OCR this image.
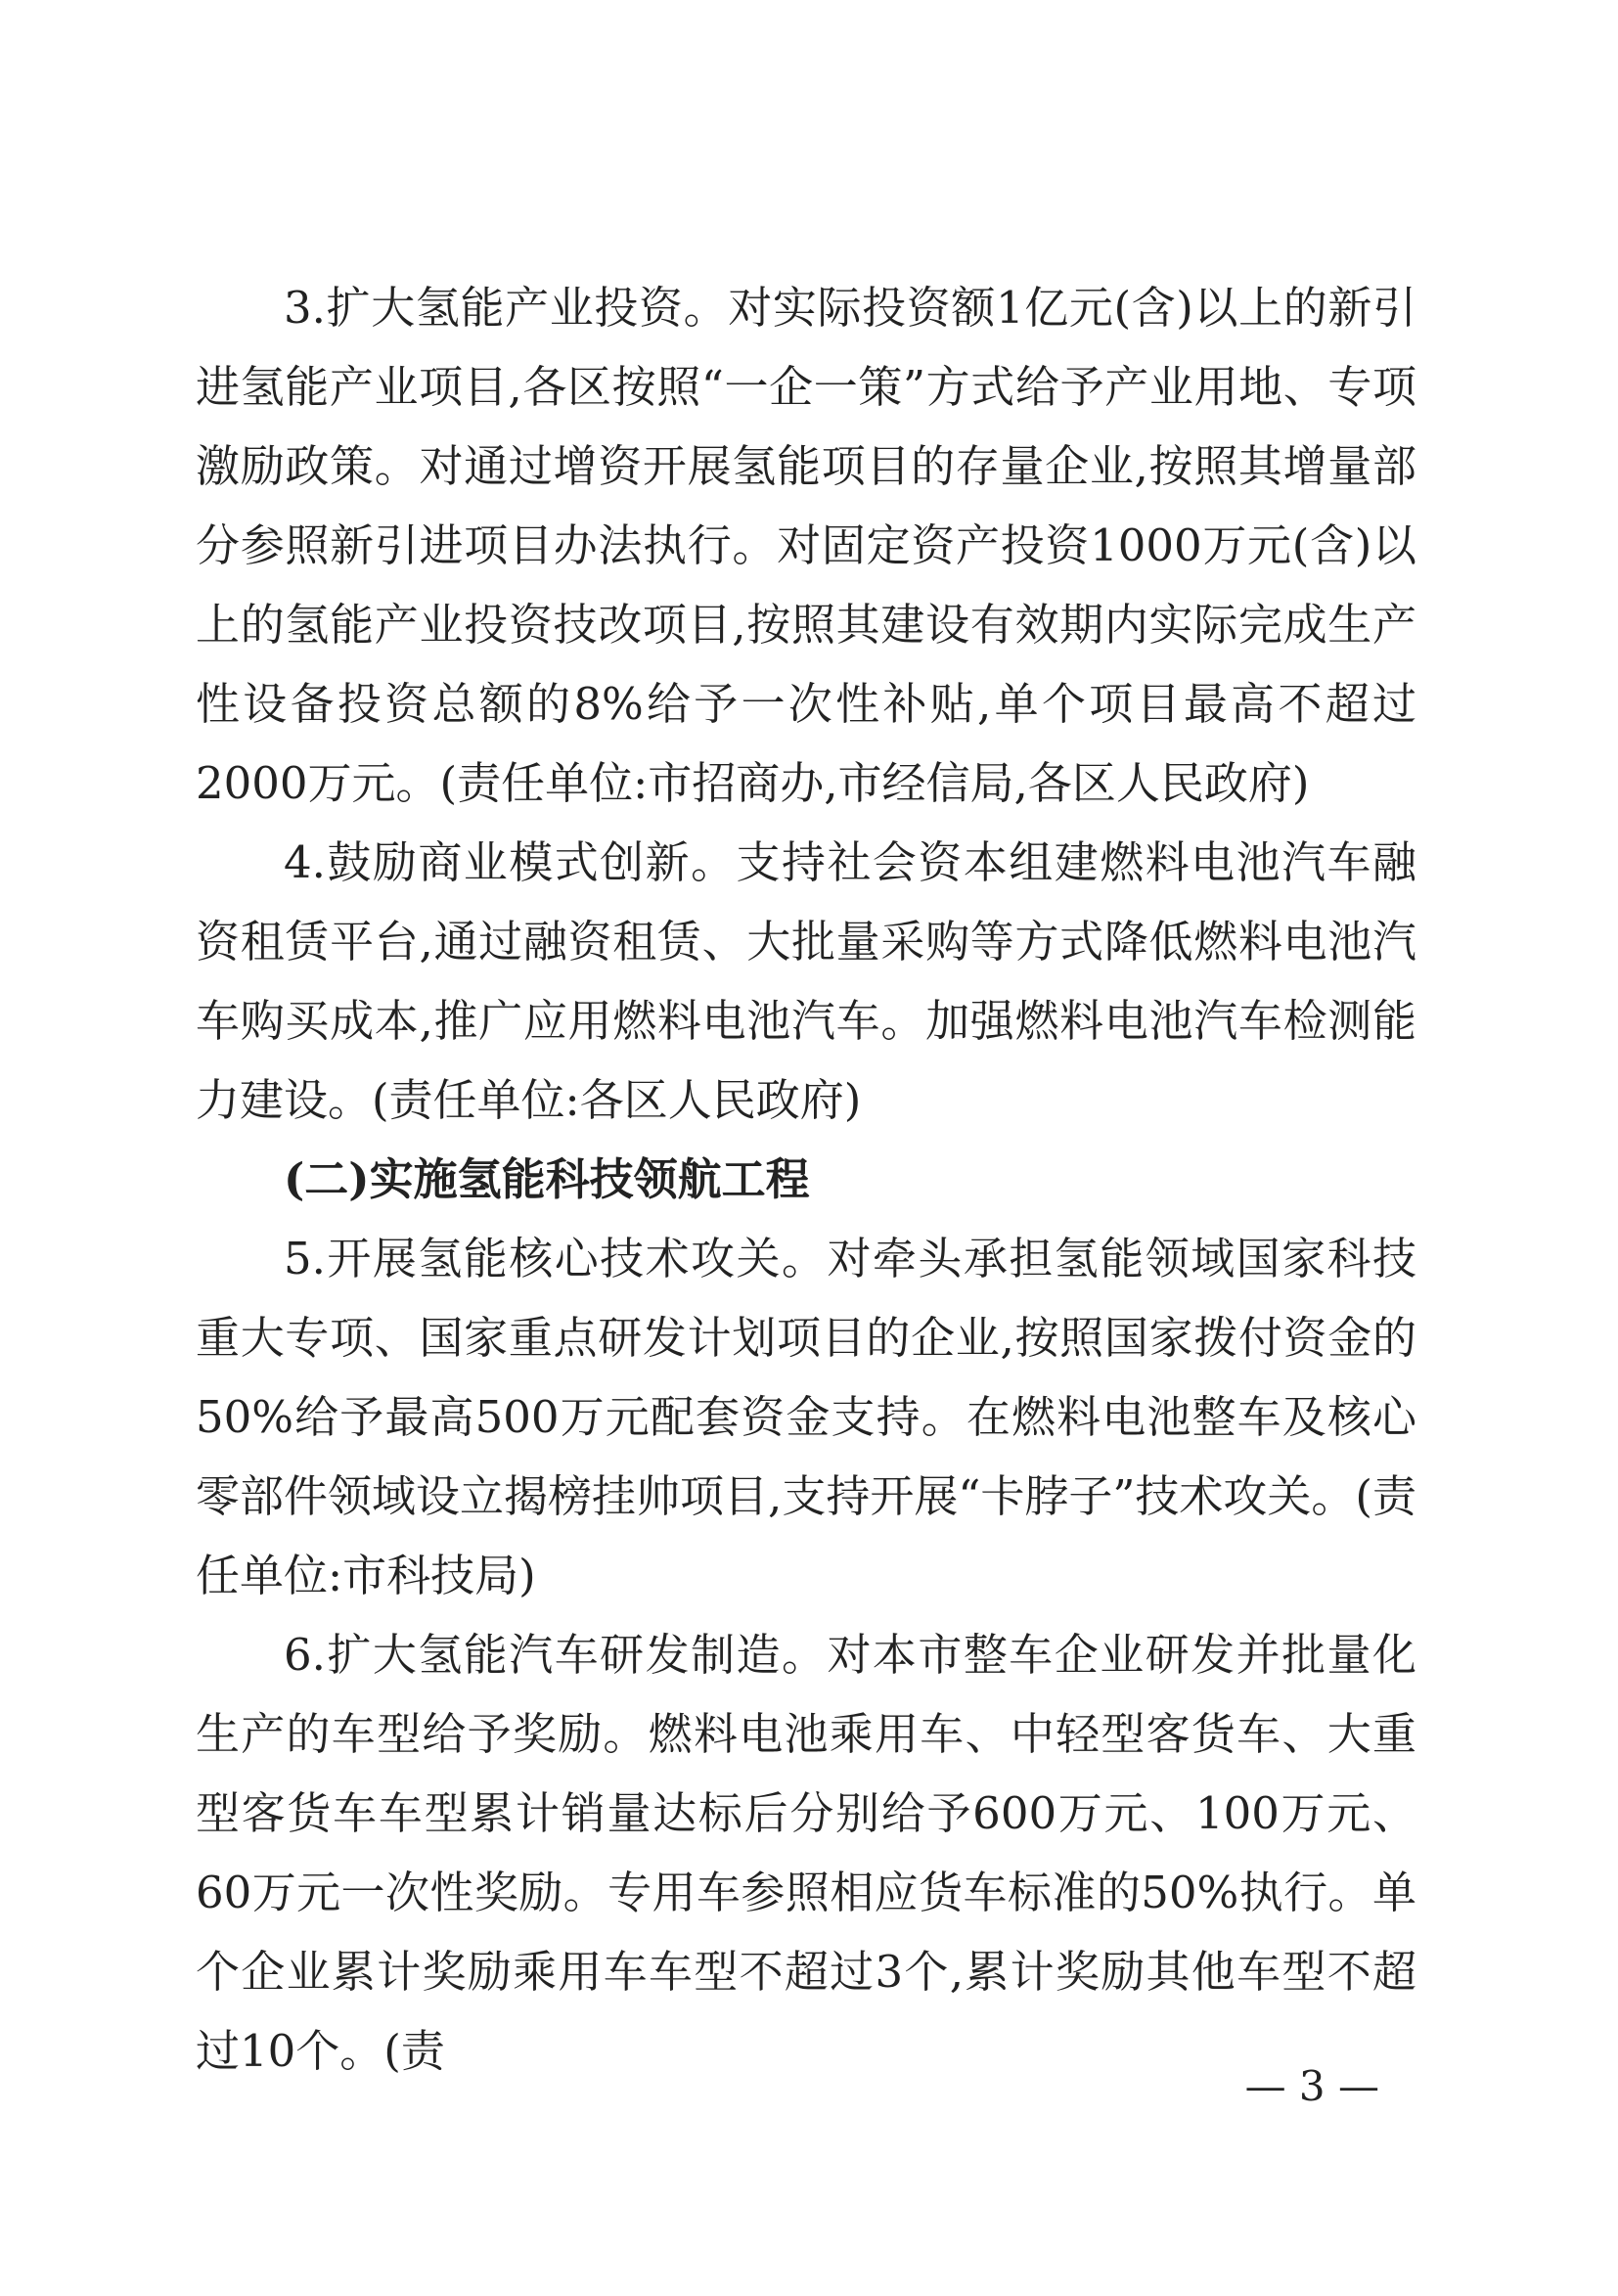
3.扩大氢能产业投资。对实际投资额1亿元(含)以上的新引进氢能产业项目,各区按照“一企一策”方式给予产业用地、专项激励政策。对通过增资开展氢能项目的存量企业,按照其增量部分参照新引进项目办法执行。对固定资产投资1000万元(含)以上的氢能产业投资技改项目,按照其建设有效期内实际完成生产性设备投资总额的8%给予一次性补贴,单个项目最高不超过2000万元。(责任单位:市招商办,市经信局,各区人民政府)

4.鼓励商业模式创新。支持社会资本组建燃料电池汽车融资租赁平台,通过融资租赁、大批量采购等方式降低燃料电池汽车购买成本,推广应用燃料电池汽车。加强燃料电池汽车检测能力建设。(责任单位:各区人民政府)

(二)实施氢能科技领航工程

5.开展氢能核心技术攻关。对牵头承担氢能领域国家科技重大专项、国家重点研发计划项目的企业,按照国家拨付资金的50%给予最高500万元配套资金支持。在燃料电池整车及核心零部件领域设立揭榜挂帅项目,支持开展“卡脖子”技术攻关。(责任单位:市科技局)

6.扩大氢能汽车研发制造。对本市整车企业研发并批量化生产的车型给予奖励。燃料电池乘用车、中轻型客货车、大重型客货车车型累计销量达标后分别给予600万元、100万元、60万元一次性奖励。专用车参照相应货车标准的50%执行。单个企业累计奖励乘用车车型不超过3个,累计奖励其他车型不超过10个。(责

— 3 —
